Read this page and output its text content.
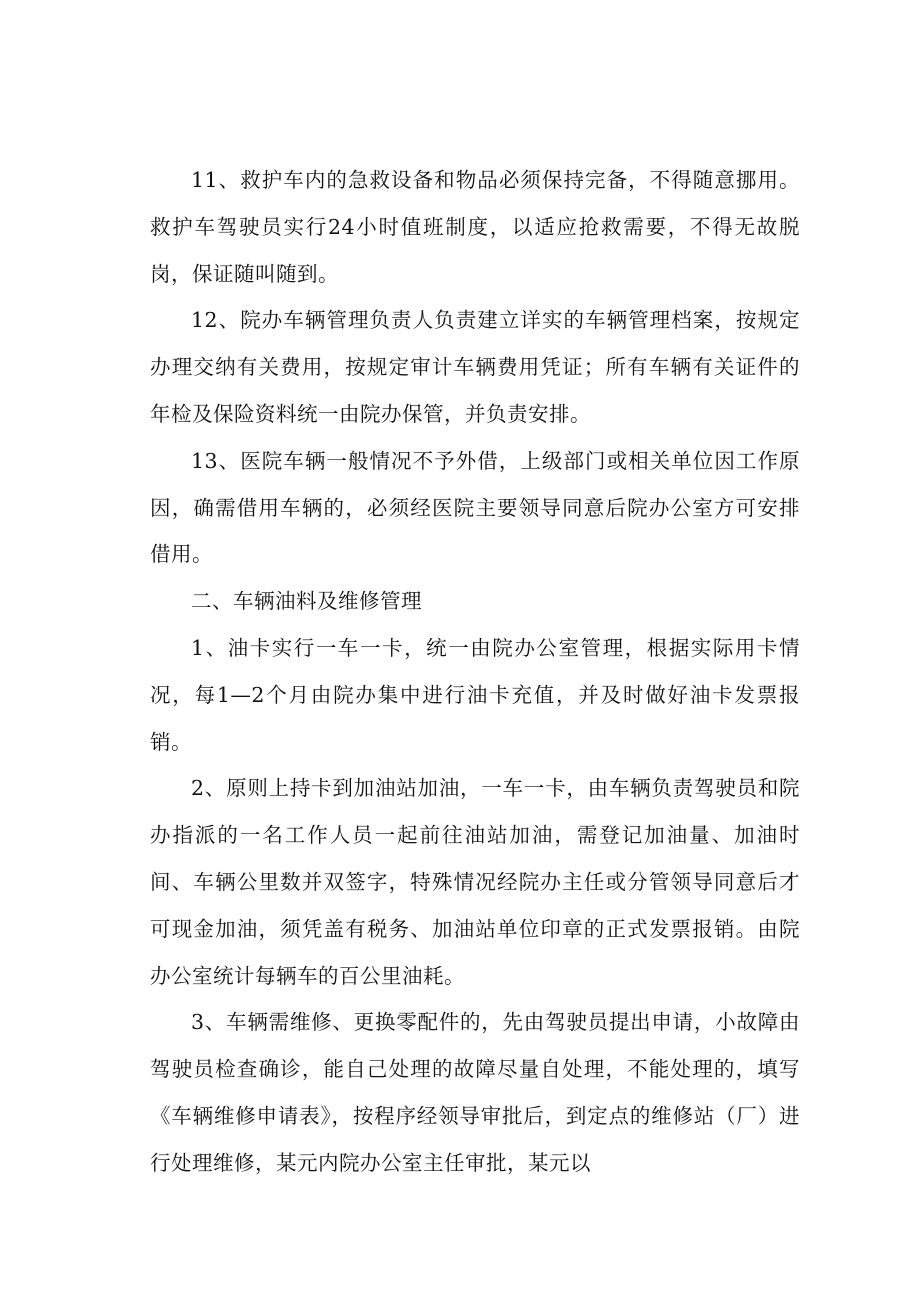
11、救护车内的急救设备和物品必须保持完备，不得随意挪用。救护车驾驶员实行24小时值班制度，以适应抢救需要，不得无故脱岗，保证随叫随到。

12、院办车辆管理负责人负责建立详实的车辆管理档案，按规定办理交纳有关费用，按规定审计车辆费用凭证；所有车辆有关证件的年检及保险资料统一由院办保管，并负责安排。

13、医院车辆一般情况不予外借，上级部门或相关单位因工作原因，确需借用车辆的，必须经医院主要领导同意后院办公室方可安排借用。

二、车辆油料及维修管理

1、油卡实行一车一卡，统一由院办公室管理，根据实际用卡情况，每1—2个月由院办集中进行油卡充值，并及时做好油卡发票报销。

2、原则上持卡到加油站加油，一车一卡，由车辆负责驾驶员和院办指派的一名工作人员一起前往油站加油，需登记加油量、加油时间、车辆公里数并双签字，特殊情况经院办主任或分管领导同意后才可现金加油，须凭盖有税务、加油站单位印章的正式发票报销。由院办公室统计每辆车的百公里油耗。

3、车辆需维修、更换零配件的，先由驾驶员提出申请，小故障由驾驶员检查确诊，能自己处理的故障尽量自处理，不能处理的，填写《车辆维修申请表》，按程序经领导审批后，到定点的维修站（厂）进行处理维修，某元内院办公室主任审批，某元以
